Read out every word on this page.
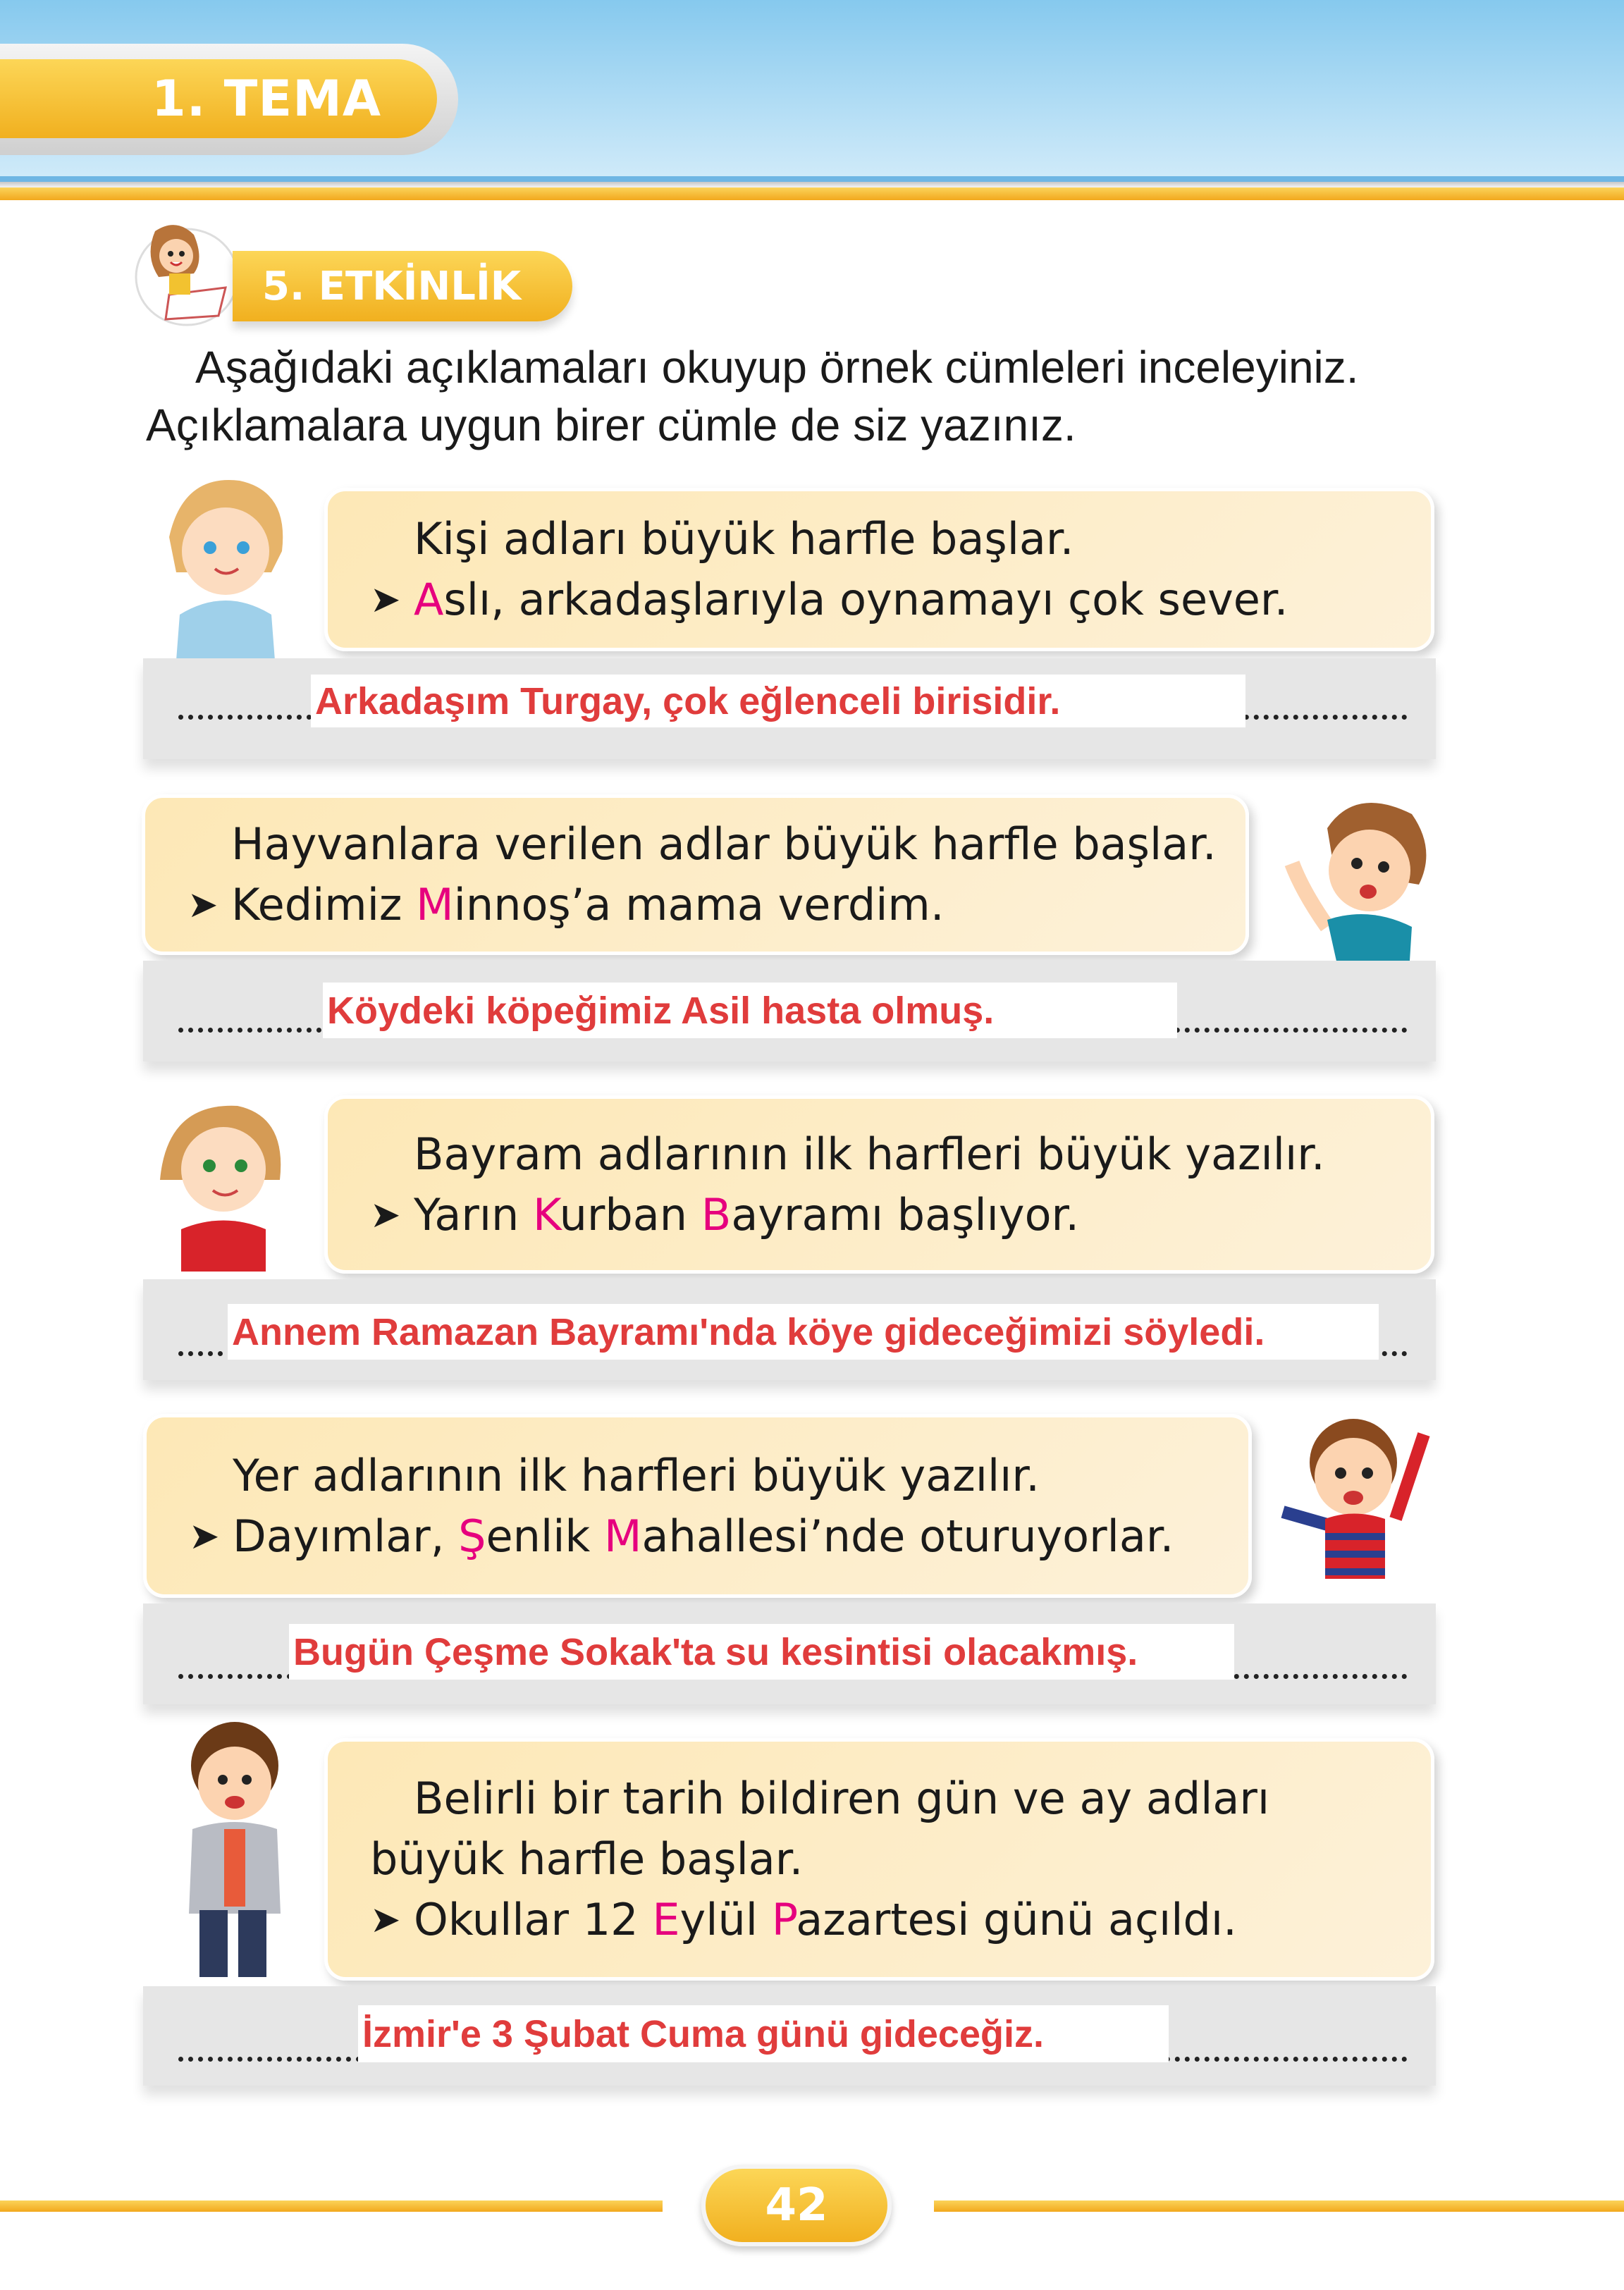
1. TEMA
5. ETKİNLİK
Kişi adları büyük harfle başlar.
➤ Aslı, arkadaşlarıyla oynamayı çok sever.
Arkadaşım Turgay, çok eğlenceli birisidir.
Hayvanlara verilen adlar büyük harfle başlar.
➤ Kedimiz Minnoş’a mama verdim.
Köydeki köpeğimiz Asil hasta olmuş.
Bayram adlarının ilk harfleri büyük yazılır.
➤ Yarın Kurban Bayramı başlıyor.
Annem Ramazan Bayramı'nda köye gideceğimizi söyledi.
Yer adlarının ilk harfleri büyük yazılır.
➤ Dayımlar, Şenlik Mahallesi’nde oturuyorlar.
Bugün Çeşme Sokak'ta su kesintisi olacakmış.
Belirli bir tarih bildiren gün ve ay adları büyük harfle başlar.
➤ Okullar 12 Eylül Pazartesi günü açıldı.
İzmir'e 3 Şubat Cuma günü gideceğiz.

Aşağıdaki açıklamaları okuyup örnek cümleleri inceleyiniz. Açıklamalara uygun birer cümle de siz yazınız.

42
